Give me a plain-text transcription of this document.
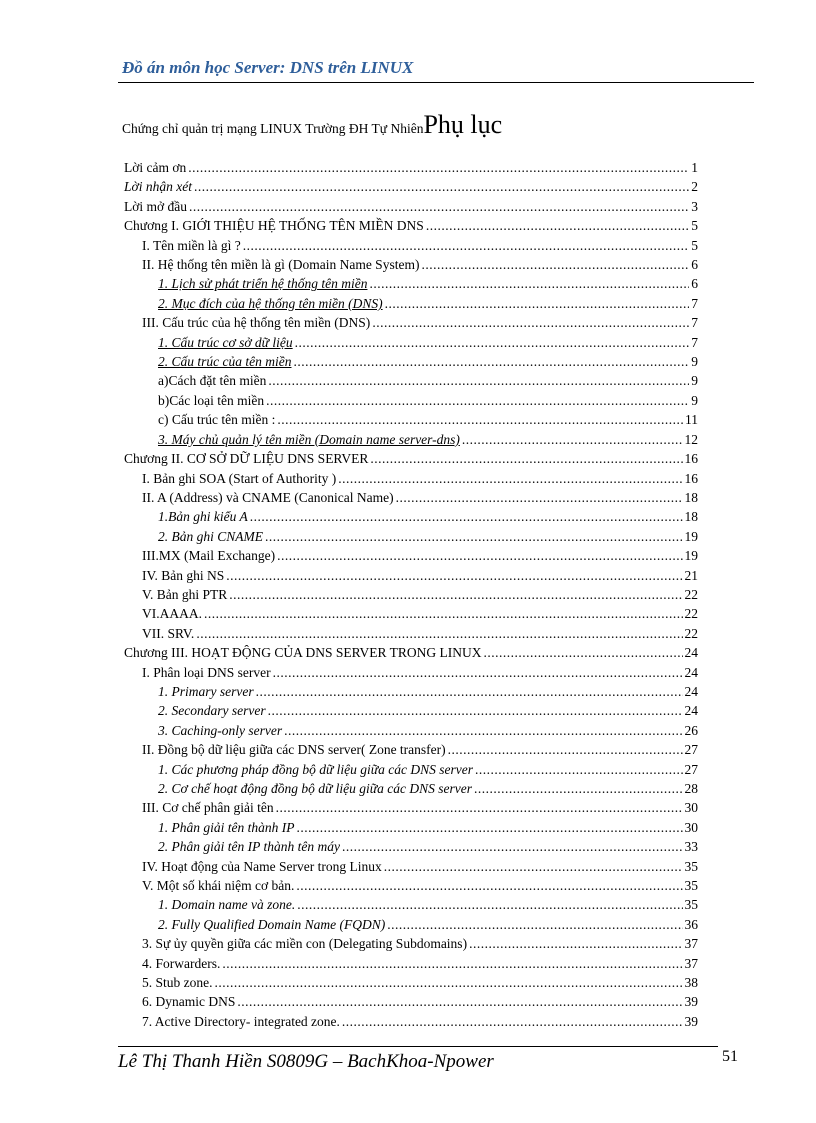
Đồ án môn học Server: DNS trên LINUX
Chứng chỉ quản trị mạng LINUX Trường ĐH Tự NhiênPhụ lục
Lời cảm ơn .....	1
Lời nhận xét .....	2
Lời mở đầu .....	3
Chương I. GIỚI THIỆU HỆ THỐNG TÊN MIỀN DNS .....	5
I. Tên miền là gì ? .....	5
II. Hệ thống tên miền là gì (Domain Name System) .....	6
1. Lịch sử phát triển hệ thống tên miền .....	6
2. Mục đích của hệ thống tên miền (DNS) .....	7
III. Cấu trúc của hệ thống tên miền (DNS) .....	7
1. Cấu trúc cơ sở dữ liệu .....	7
2. Cấu trúc của tên miền .....	9
a)Cách đặt tên miền .....	9
b)Các loại tên miền .....	9
c) Cấu trúc tên miền : .....	11
3. Máy chủ quản lý tên miền (Domain name server-dns) .....	12
Chương II. CƠ SỞ DỮ LIỆU DNS SERVER .....	16
I. Bản ghi SOA (Start of Authority ) .....	16
II. A (Address) và CNAME (Canonical Name) .....	18
1.Bản ghi kiểu A .....	18
2. Bản ghi CNAME .....	19
III.MX (Mail Exchange) .....	19
IV. Bản ghi NS .....	21
V. Bản ghi PTR .....	22
VI.AAAA. .....	22
VII. SRV. .....	22
Chương III. HOẠT ĐỘNG CỦA DNS SERVER TRONG LINUX .....	24
I. Phân loại DNS server .....	24
1. Primary server .....	24
2. Secondary server .....	24
3. Caching-only server .....	26
II. Đồng bộ dữ liệu giữa các DNS server( Zone transfer) .....	27
1. Các phương pháp đồng bộ dữ liệu giữa các DNS server .....	27
2. Cơ chế hoạt động đồng bộ dữ liệu giữa các DNS server .....	28
III. Cơ chế phân giải tên .....	30
1. Phân giải tên thành IP .....	30
2. Phân giải tên IP thành tên máy .....	33
IV. Hoạt động của Name Server trong Linux .....	35
V. Một số khái niệm cơ bản. .....	35
1. Domain name và zone. .....	35
2. Fully Qualified Domain Name (FQDN) .....	36
3. Sự ủy quyền giữa các miền con (Delegating Subdomains) .....	37
4. Forwarders. .....	37
5. Stub zone. .....	38
6. Dynamic DNS .....	39
7. Active Directory- integrated zone. .....	39
Lê Thị Thanh Hiền S0809G – BachKhoa-Npower	51
